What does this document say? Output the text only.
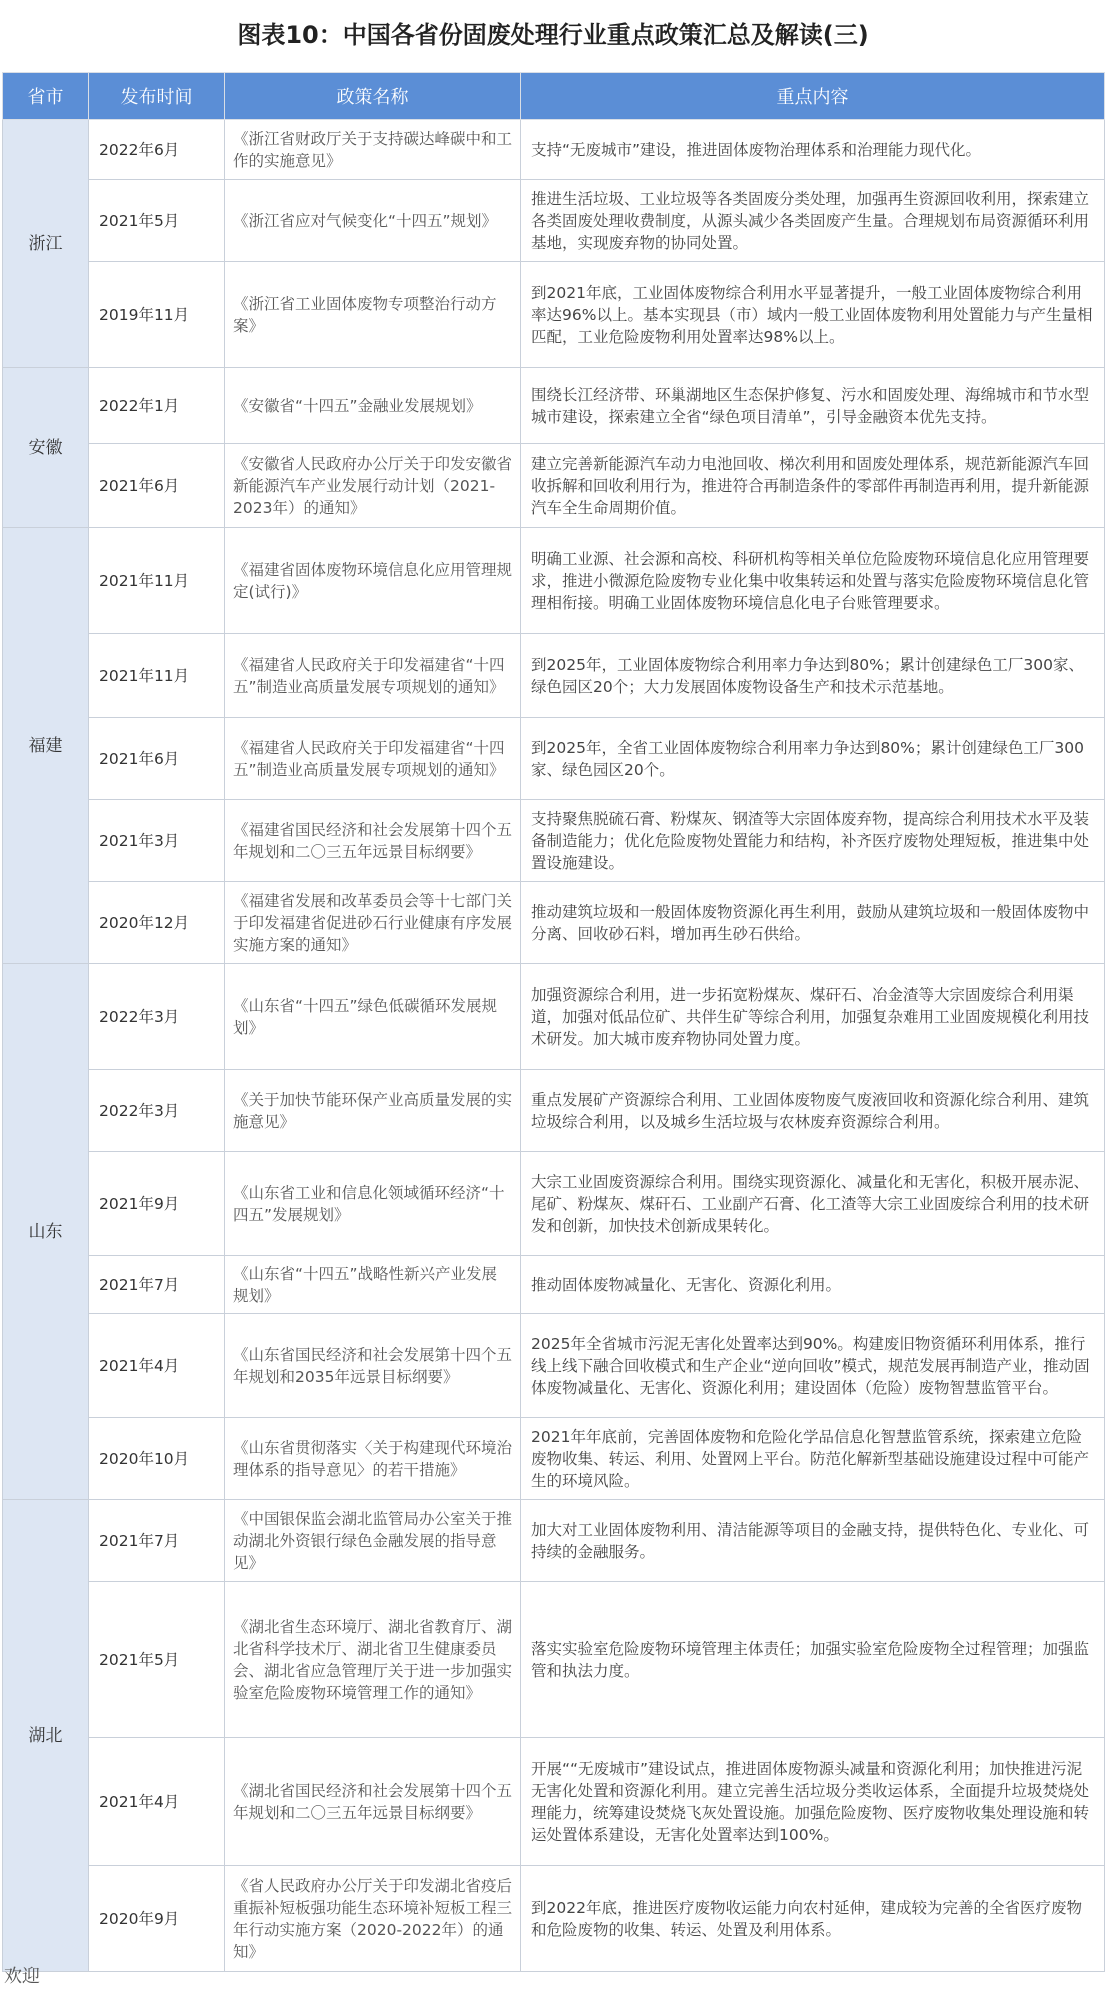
图表10：中国各省份固废处理行业重点政策汇总及解读(三)
省市	发布时间	政策名称	重点内容
浙江	2022年6月	《浙江省财政厅关于支持碳达峰碳中和工作的实施意见》	支持“无废城市”建设，推进固体废物治理体系和治理能力现代化。
	2021年5月	《浙江省应对气候变化“十四五”规划》	推进生活垃圾、工业垃圾等各类固废分类处理，加强再生资源回收利用，探索建立各类固废处理收费制度，从源头减少各类固废产生量。合理规划布局资源循环利用基地，实现废弃物的协同处置。
	2019年11月	《浙江省工业固体废物专项整治行动方案》	到2021年底，工业固体废物综合利用水平显著提升，一般工业固体废物综合利用率达96%以上。基本实现县（市）域内一般工业固体废物利用处置能力与产生量相匹配，工业危险废物利用处置率达98%以上。
安徽	2022年1月	《安徽省“十四五”金融业发展规划》	围绕长江经济带、环巢湖地区生态保护修复、污水和固废处理、海绵城市和节水型城市建设，探索建立全省“绿色项目清单”，引导金融资本优先支持。
	2021年6月	《安徽省人民政府办公厅关于印发安徽省新能源汽车产业发展行动计划（2021-2023年）的通知》	建立完善新能源汽车动力电池回收、梯次利用和固废处理体系，规范新能源汽车回收拆解和回收利用行为，推进符合再制造条件的零部件再制造再利用，提升新能源汽车全生命周期价值。
福建	2021年11月	《福建省固体废物环境信息化应用管理规定(试行)》	明确工业源、社会源和高校、科研机构等相关单位危险废物环境信息化应用管理要求，推进小微源危险废物专业化集中收集转运和处置与落实危险废物环境信息化管理相衔接。明确工业固体废物环境信息化电子台账管理要求。
	2021年11月	《福建省人民政府关于印发福建省“十四五”制造业高质量发展专项规划的通知》	到2025年，工业固体废物综合利用率力争达到80%；累计创建绿色工厂300家、绿色园区20个；大力发展固体废物设备生产和技术示范基地。
	2021年6月	《福建省人民政府关于印发福建省“十四五”制造业高质量发展专项规划的通知》	到2025年，全省工业固体废物综合利用率力争达到80%；累计创建绿色工厂300家、绿色园区20个。
	2021年3月	《福建省国民经济和社会发展第十四个五年规划和二〇三五年远景目标纲要》	支持聚焦脱硫石膏、粉煤灰、钢渣等大宗固体废弃物，提高综合利用技术水平及装备制造能力；优化危险废物处置能力和结构，补齐医疗废物处理短板，推进集中处置设施建设。
	2020年12月	《福建省发展和改革委员会等十七部门关于印发福建省促进砂石行业健康有序发展实施方案的通知》	推动建筑垃圾和一般固体废物资源化再生利用，鼓励从建筑垃圾和一般固体废物中分离、回收砂石料，增加再生砂石供给。
山东	2022年3月	《山东省“十四五”绿色低碳循环发展规划》	加强资源综合利用，进一步拓宽粉煤灰、煤矸石、冶金渣等大宗固废综合利用渠道，加强对低品位矿、共伴生矿等综合利用，加强复杂难用工业固废规模化利用技术研发。加大城市废弃物协同处置力度。
	2022年3月	《关于加快节能环保产业高质量发展的实施意见》	重点发展矿产资源综合利用、工业固体废物废气废液回收和资源化综合利用、建筑垃圾综合利用，以及城乡生活垃圾与农林废弃资源综合利用。
	2021年9月	《山东省工业和信息化领域循环经济“十四五”发展规划》	大宗工业固废资源综合利用。围绕实现资源化、减量化和无害化，积极开展赤泥、尾矿、粉煤灰、煤矸石、工业副产石膏、化工渣等大宗工业固废综合利用的技术研发和创新，加快技术创新成果转化。
	2021年7月	《山东省“十四五”战略性新兴产业发展规划》	推动固体废物减量化、无害化、资源化利用。
	2021年4月	《山东省国民经济和社会发展第十四个五年规划和2035年远景目标纲要》	2025年全省城市污泥无害化处置率达到90%。构建废旧物资循环利用体系，推行线上线下融合回收模式和生产企业“逆向回收”模式，规范发展再制造产业，推动固体废物减量化、无害化、资源化利用；建设固体（危险）废物智慧监管平台。
	2020年10月	《山东省贯彻落实〈关于构建现代环境治理体系的指导意见〉的若干措施》	2021年年底前，完善固体废物和危险化学品信息化智慧监管系统，探索建立危险废物收集、转运、利用、处置网上平台。防范化解新型基础设施建设过程中可能产生的环境风险。
湖北	2021年7月	《中国银保监会湖北监管局办公室关于推动湖北外资银行绿色金融发展的指导意见》	加大对工业固体废物利用、清洁能源等项目的金融支持，提供特色化、专业化、可持续的金融服务。
	2021年5月	《湖北省生态环境厅、湖北省教育厅、湖北省科学技术厅、湖北省卫生健康委员会、湖北省应急管理厅关于进一步加强实验室危险废物环境管理工作的通知》	落实实验室危险废物环境管理主体责任；加强实验室危险废物全过程管理；加强监管和执法力度。
	2021年4月	《湖北省国民经济和社会发展第十四个五年规划和二〇三五年远景目标纲要》	开展““无废城市”建设试点，推进固体废物源头减量和资源化利用；加快推进污泥无害化处置和资源化利用。建立完善生活垃圾分类收运体系，全面提升垃圾焚烧处理能力，统筹建设焚烧飞灰处置设施。加强危险废物、医疗废物收集处理设施和转运处置体系建设，无害化处置率达到100%。
	2020年9月	《省人民政府办公厅关于印发湖北省疫后重振补短板强功能生态环境补短板工程三年行动实施方案（2020-2022年）的通知》	到2022年底，推进医疗废物收运能力向农村延伸，建成较为完善的全省医疗废物和危险废物的收集、转运、处置及利用体系。
欢迎
